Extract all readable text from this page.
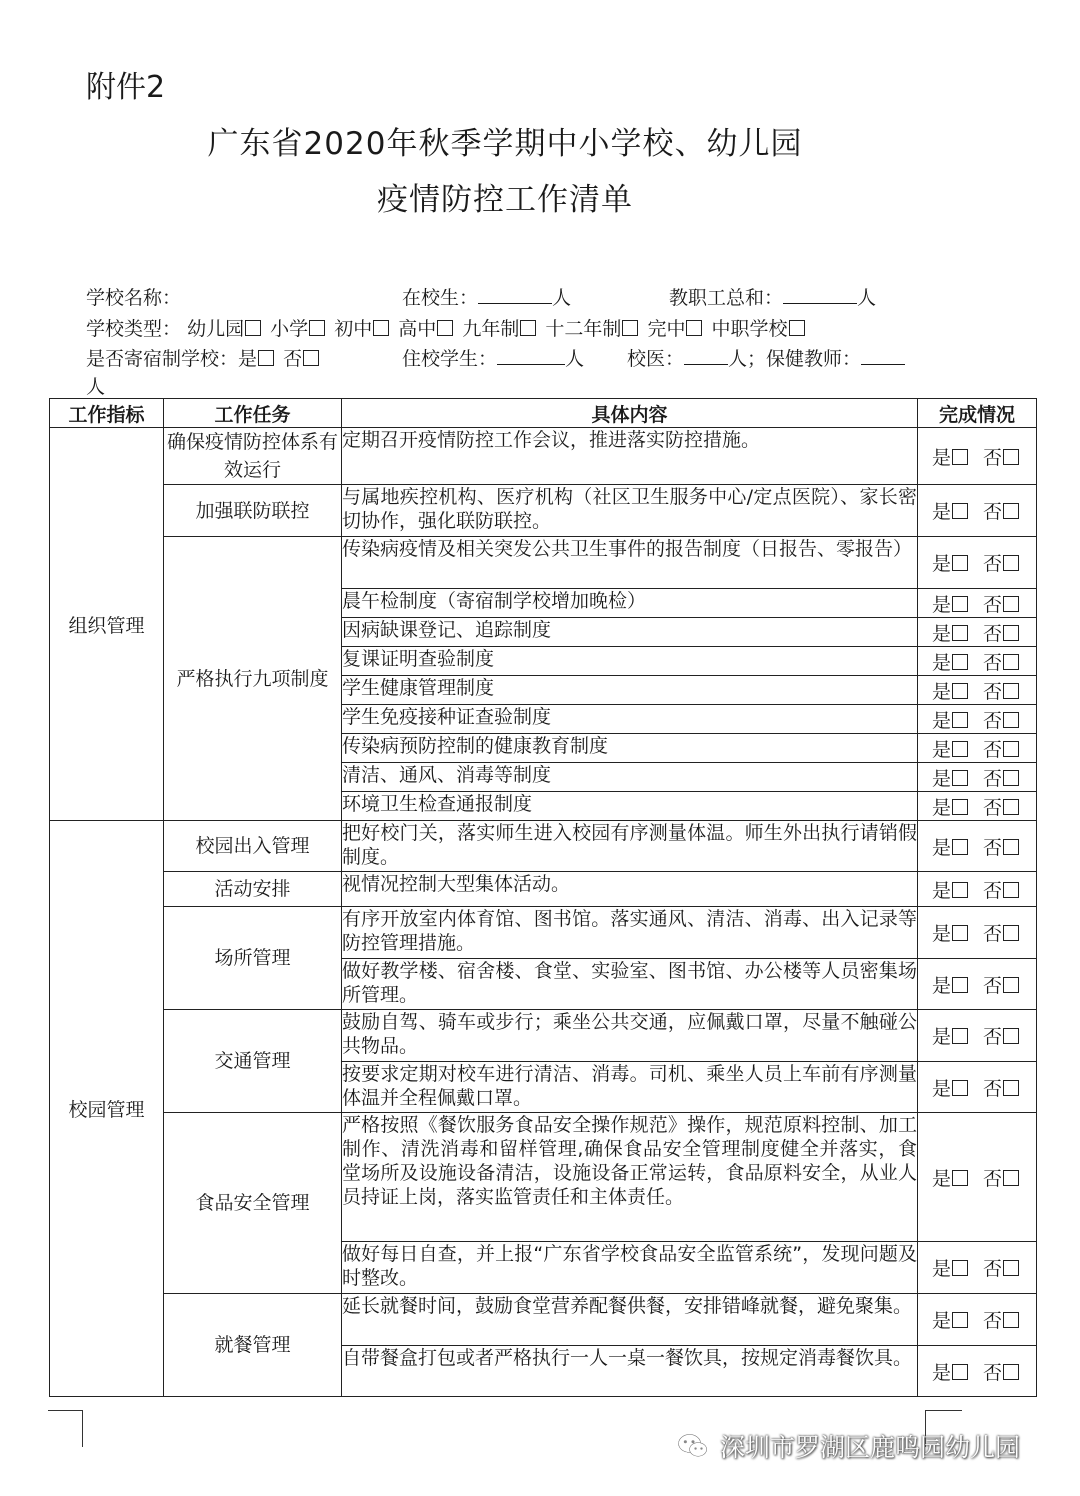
附件2
广东省2020年秋季学期中小学校、幼儿园
疫情防控工作清单
学校名称：	在校生：	人	教职工总和：	人
学校类型： 幼儿园 小学 初中 高中 九年制 十二年制 完中 中职学校
是否寄宿制学校：是 否	住校学生：	人 校医： 人；保健教师：
人
工作指标	工作任务	具体内容	完成情况
组织管理	确保疫情防控体系有效运行	定期召开疫情防控工作会议，推进落实防控措施。	是 否
	加强联防联控	与属地疾控机构、医疗机构（社区卫生服务中心/定点医院）、家长密切协作，强化联防联控。	是 否
	严格执行九项制度	传染病疫情及相关突发公共卫生事件的报告制度（日报告、零报告）	是 否
		晨午检制度（寄宿制学校增加晚检）	是 否
		因病缺课登记、追踪制度	是 否
		复课证明查验制度	是 否
		学生健康管理制度	是 否
		学生免疫接种证查验制度	是 否
		传染病预防控制的健康教育制度	是 否
		清洁、通风、消毒等制度	是 否
		环境卫生检查通报制度	是 否
校园管理	校园出入管理	把好校门关，落实师生进入校园有序测量体温。师生外出执行请销假制度。	是 否
	活动安排	视情况控制大型集体活动。	是 否
	场所管理	有序开放室内体育馆、图书馆。落实通风、清洁、消毒、出入记录等防控管理措施。	是 否
		做好教学楼、宿舍楼、食堂、实验室、图书馆、办公楼等人员密集场所管理。	是 否
	交通管理	鼓励自驾、骑车或步行；乘坐公共交通，应佩戴口罩，尽量不触碰公共物品。	是 否
		按要求定期对校车进行清洁、消毒。司机、乘坐人员上车前有序测量体温并全程佩戴口罩。	是 否
	食品安全管理	严格按照《餐饮服务食品安全操作规范》操作，规范原料控制、加工制作、清洗消毒和留样管理,确保食品安全管理制度健全并落实，食堂场所及设施设备清洁，设施设备正常运转，食品原料安全，从业人员持证上岗，落实监管责任和主体责任。	是 否
		做好每日自查，并上报“广东省学校食品安全监管系统”，发现问题及时整改。	是 否
	就餐管理	延长就餐时间，鼓励食堂营养配餐供餐，安排错峰就餐，避免聚集。	是 否
		自带餐盒打包或者严格执行一人一桌一餐饮具，按规定消毒餐饮具。	是 否
深圳市罗湖区鹿鸣园幼儿园
